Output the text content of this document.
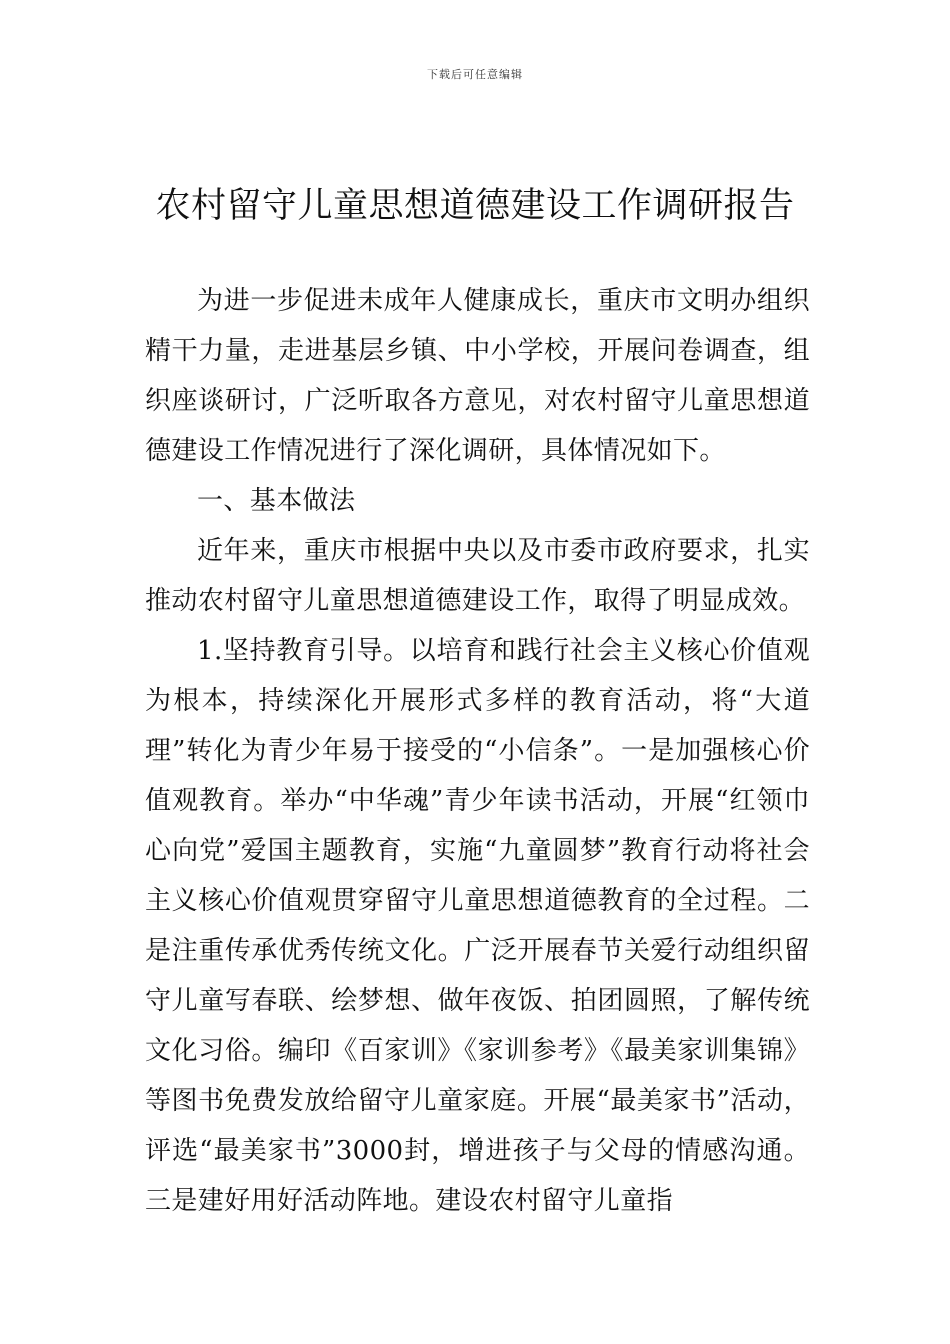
下载后可任意编辑
农村留守儿童思想道德建设工作调研报告

为进一步促进未成年人健康成长，重庆市文明办组织精干力量，走进基层乡镇、中小学校，开展问卷调查，组织座谈研讨，广泛听取各方意见，对农村留守儿童思想道德建设工作情况进行了深化调研，具体情况如下。

一、基本做法

近年来，重庆市根据中央以及市委市政府要求，扎实推动农村留守儿童思想道德建设工作，取得了明显成效。

1.坚持教育引导。以培育和践行社会主义核心价值观为根本，持续深化开展形式多样的教育活动，将“大道理”转化为青少年易于接受的“小信条”。一是加强核心价值观教育。举办“中华魂”青少年读书活动，开展“红领巾心向党”爱国主题教育，实施“九童圆梦”教育行动将社会主义核心价值观贯穿留守儿童思想道德教育的全过程。二是注重传承优秀传统文化。广泛开展春节关爱行动组织留守儿童写春联、绘梦想、做年夜饭、拍团圆照，了解传统文化习俗。编印《百家训》《家训参考》《最美家训集锦》等图书免费发放给留守儿童家庭。开展“最美家书”活动，评选“最美家书”3000封，增进孩子与父母的情感沟通。三是建好用好活动阵地。建设农村留守儿童指
